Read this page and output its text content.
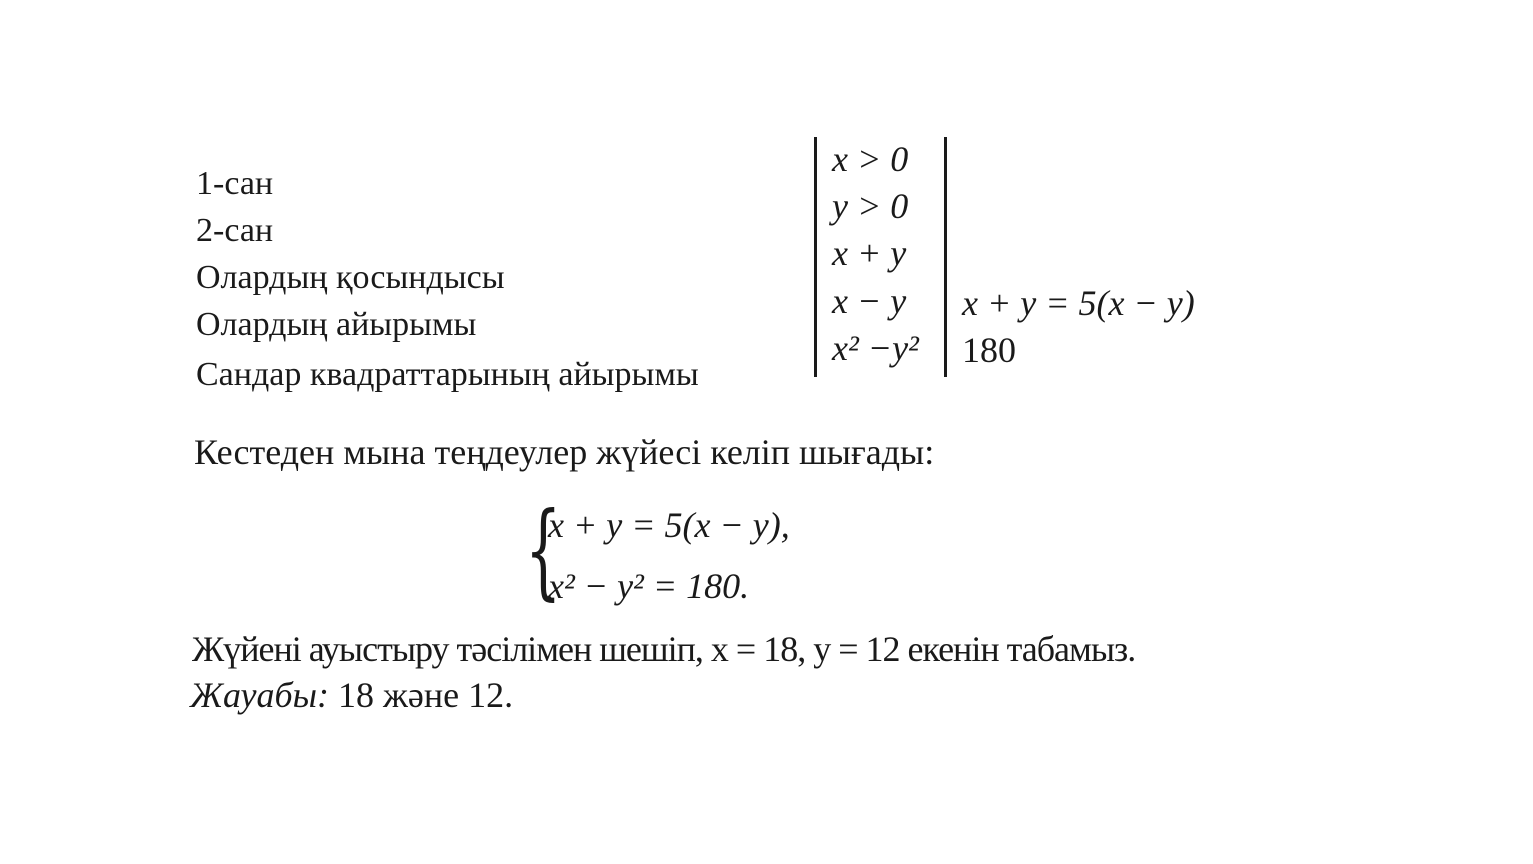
1-сан
2-сан
Олардың қосындысы
Олардың айырымы
Сандар квадраттарының айырымы
x > 0
y > 0
x + y
x − y
x² −y²
x + y = 5(x − y)
180
Кестеден мына теңдеулер жүйесі келіп шығады:
{
x + y = 5(x − y),
x² − y² = 180.
Жүйені ауыстыру тәсілімен шешіп, x = 18, y = 12 екенін табамыз.
Жауабы: 18 және 12.
